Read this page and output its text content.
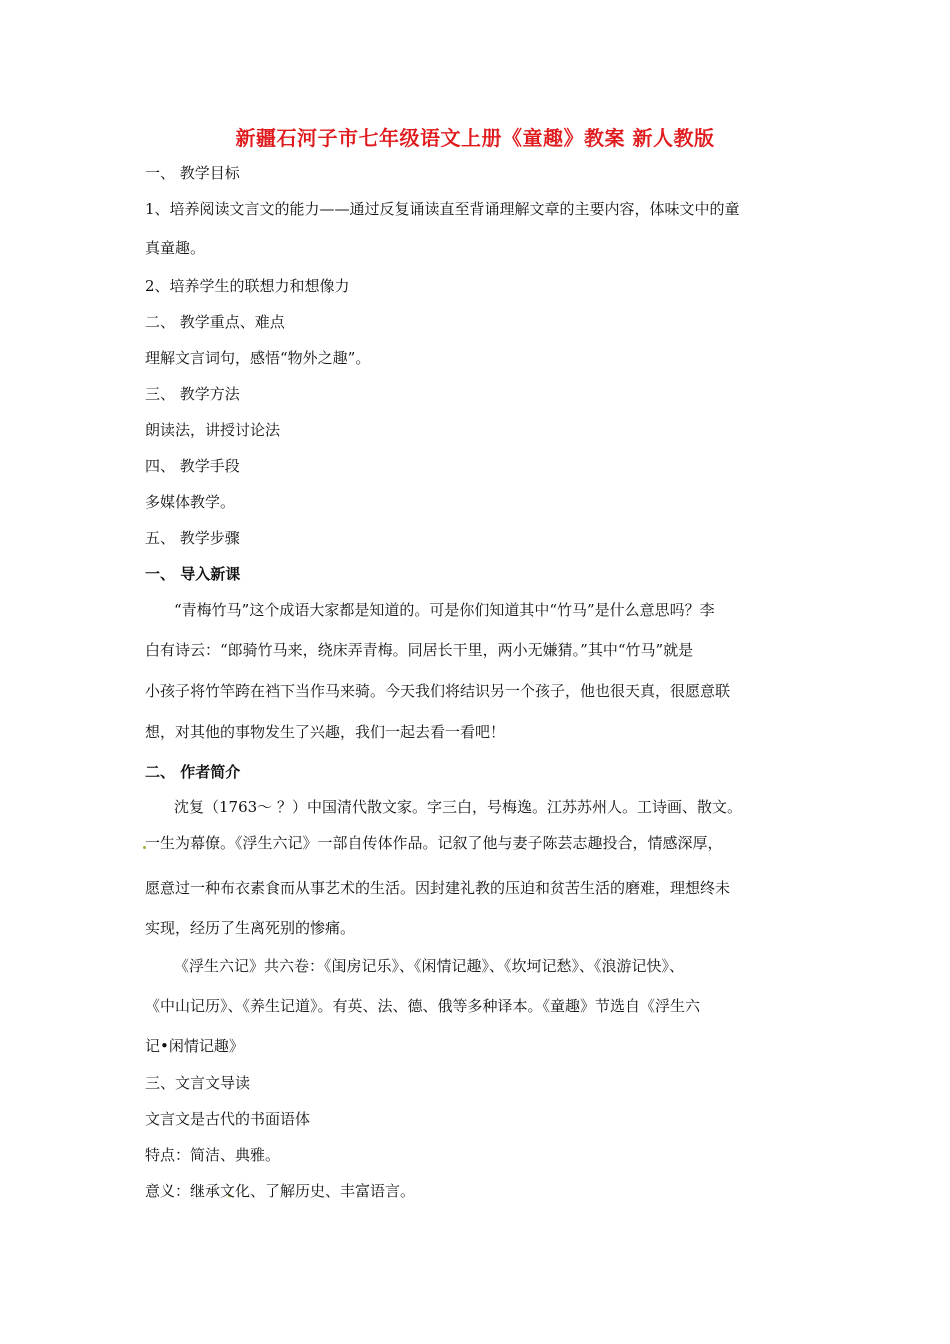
新疆石河子市七年级语文上册《童趣》教案 新人教版
一、 教学目标
1、培养阅读文言文的能力——通过反复诵读直至背诵理解文章的主要内容，体味文中的童
真童趣。
2、培养学生的联想力和想像力
二、 教学重点、难点
理解文言词句，感悟“物外之趣”。
三、 教学方法
朗读法，讲授讨论法
四、 教学手段
多媒体教学。
五、 教学步骤
一、 导入新课
“青梅竹马”这个成语大家都是知道的。可是你们知道其中“竹马”是什么意思吗？李
白有诗云：“郎骑竹马来，绕床弄青梅。同居长干里，两小无嫌猜。”其中“竹马”就是
小孩子将竹竿跨在裆下当作马来骑。今天我们将结识另一个孩子，他也很天真，很愿意联
想，对其他的事物发生了兴趣，我们一起去看一看吧！
二、 作者简介
沈复（1763～ ？）中国清代散文家。字三白，号梅逸。江苏苏州人。工诗画、散文。
一生为幕僚。《浮生六记》一部自传体作品。记叙了他与妻子陈芸志趣投合，情感深厚，
愿意过一种布衣素食而从事艺术的生活。因封建礼教的压迫和贫苦生活的磨难，理想终未
实现，经历了生离死别的惨痛。
《浮生六记》共六卷：《闺房记乐》、《闲情记趣》、《坎坷记愁》、《浪游记快》、
《中山记历》、《养生记道》。有英、法、德、俄等多种译本。《童趣》节选自《浮生六
记•闲情记趣》
三、文言文导读
文言文是古代的书面语体
特点：简洁、典雅。
意义：继承文化、了解历史、丰富语言。
